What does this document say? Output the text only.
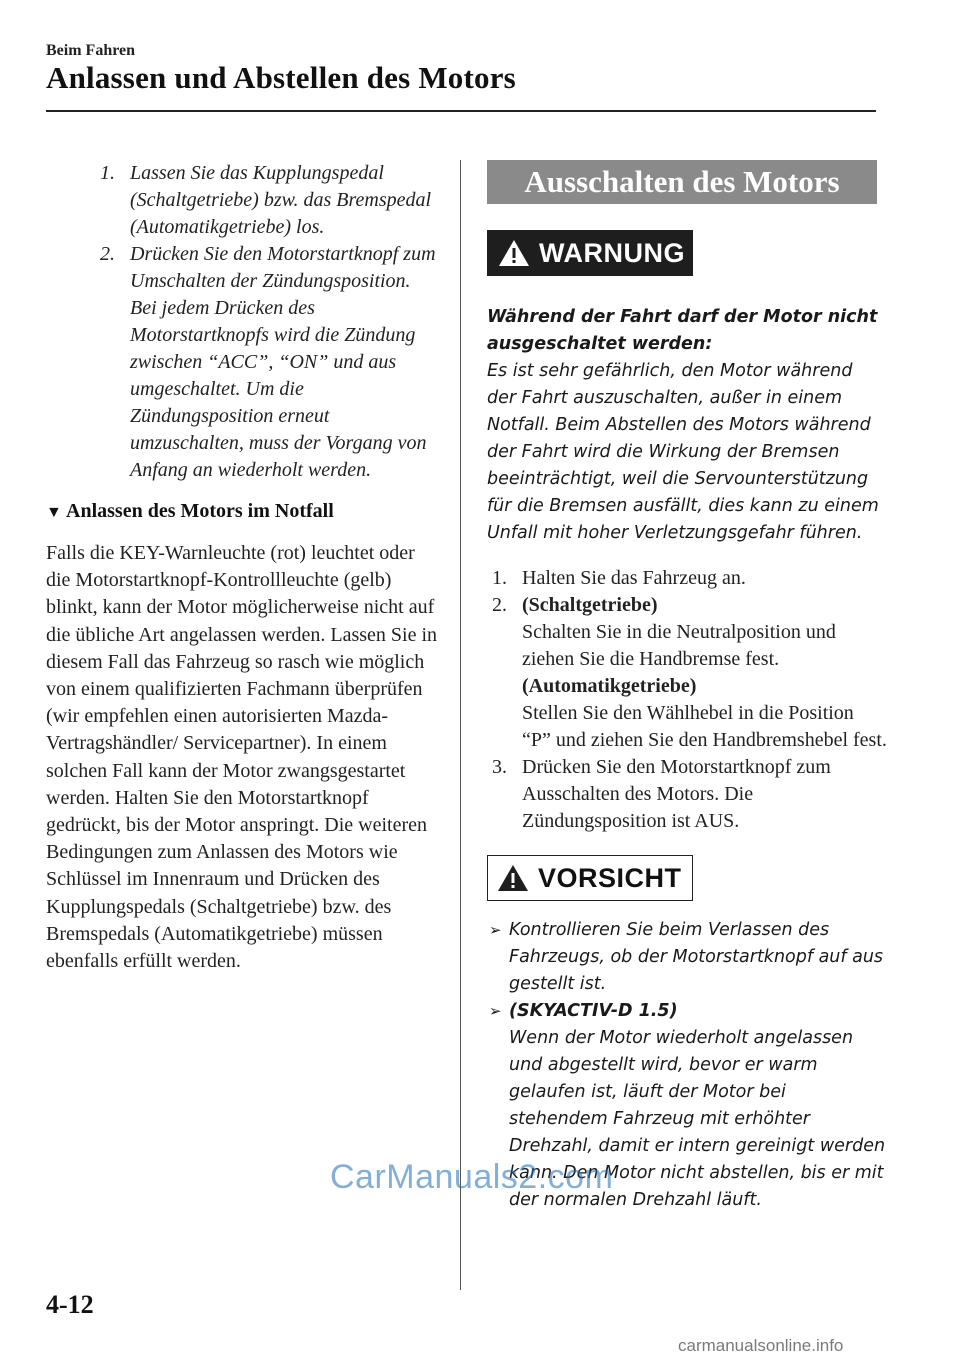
Beim Fahren
Anlassen und Abstellen des Motors
1. Lassen Sie das Kupplungspedal (Schaltgetriebe) bzw. das Bremspedal (Automatikgetriebe) los.
2. Drücken Sie den Motorstartknopf zum Umschalten der Zündungsposition. Bei jedem Drücken des Motorstartknopfs wird die Zündung zwischen “ACC”, “ON” und aus umgeschaltet. Um die Zündungsposition erneut umzuschalten, muss der Vorgang von Anfang an wiederholt werden.
▼ Anlassen des Motors im Notfall
Falls die KEY-Warnleuchte (rot) leuchtet oder die Motorstartknopf-Kontrollleuchte (gelb) blinkt, kann der Motor möglicherweise nicht auf die übliche Art angelassen werden. Lassen Sie in diesem Fall das Fahrzeug so rasch wie möglich von einem qualifizierten Fachmann überprüfen (wir empfehlen einen autorisierten Mazda-Vertragshändler/ Servicepartner). In einem solchen Fall kann der Motor zwangsgestartet werden. Halten Sie den Motorstartknopf gedrückt, bis der Motor anspringt. Die weiteren Bedingungen zum Anlassen des Motors wie Schlüssel im Innenraum und Drücken des Kupplungspedals (Schaltgetriebe) bzw. des Bremspedals (Automatikgetriebe) müssen ebenfalls erfüllt werden.
Ausschalten des Motors
WARNUNG
Während der Fahrt darf der Motor nicht ausgeschaltet werden:
Es ist sehr gefährlich, den Motor während der Fahrt auszuschalten, außer in einem Notfall. Beim Abstellen des Motors während der Fahrt wird die Wirkung der Bremsen beeinträchtigt, weil die Servounterstützung für die Bremsen ausfällt, dies kann zu einem Unfall mit hoher Verletzungsgefahr führen.
1. Halten Sie das Fahrzeug an.
2. (Schaltgetriebe)
Schalten Sie in die Neutralposition und ziehen Sie die Handbremse fest.
(Automatikgetriebe)
Stellen Sie den Wählhebel in die Position “P” und ziehen Sie den Handbremshebel fest.
3. Drücken Sie den Motorstartknopf zum Ausschalten des Motors. Die Zündungsposition ist AUS.
VORSICHT
➢ Kontrollieren Sie beim Verlassen des Fahrzeugs, ob der Motorstartknopf auf aus gestellt ist.
➢ (SKYACTIV-D 1.5)
Wenn der Motor wiederholt angelassen und abgestellt wird, bevor er warm gelaufen ist, läuft der Motor bei stehendem Fahrzeug mit erhöhter Drehzahl, damit er intern gereinigt werden kann. Den Motor nicht abstellen, bis er mit der normalen Drehzahl läuft.
4-12
CarManuals2.com
carmanualsonline.info
